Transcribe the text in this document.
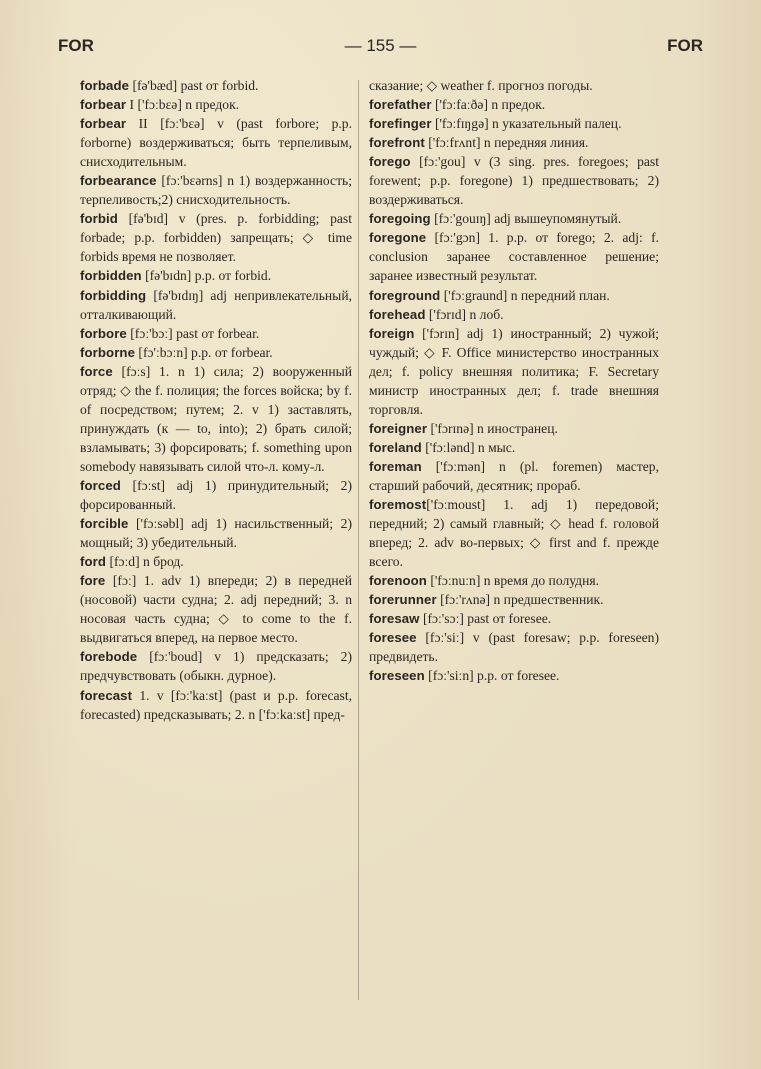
FOR	— 155 —	FOR

forbade [fə'bæd] past от forbid.

forbear I ['fɔːbɛə] n предок.

forbear II [fɔː'bɛə] v (past forbore; p.p. forborne) воздерживаться; быть терпеливым, снисходительным.

forbearance [fɔː'bɛərns] n 1) воздержанность; терпеливость;2) снисходительность.

forbid [fə'bɪd] v (pres. p. forbidding; past forbade; p.p. forbidden) запрещать; ◇ time forbids время не позволяет.

forbidden [fə'bɪdn] p.p. от forbid.

forbidding [fə'bɪdɪŋ] adj непривлекательный, отталкивающий.

forbore [fɔː'bɔː] past от forbear.

forborne [fɔ'ːbɔːn] p.p. от forbear.

force [fɔːs] 1. n 1) сила; 2) вооруженный отряд; ◇ the f. полиция; the forces войска; by f. of посредством; путем; 2. v 1) заставлять, принуждать (к — to, into); 2) брать силой; взламывать; 3) форсировать; f. something upon somebody навязывать силой что-л. кому-л.

forced [fɔːst] adj 1) принудительный; 2) форсированный.

forcible ['fɔːsəbl] adj 1) насильственный; 2) мощный; 3) убедительный.

ford [fɔːd] n брод.

fore [fɔː] 1. adv 1) впереди; 2) в передней (носовой) части судна; 2. adj передний; 3. n носовая часть судна; ◇ to come to the f. выдвигаться вперед, на первое место.

forebode [fɔː'boud] v 1) предсказать; 2) предчувствовать (обыкн. дурное).

forecast 1. v [fɔː'kaːst] (past и p.p. forecast, forecasted) предсказывать; 2. n ['fɔːkaːst] пред-

сказание; ◇ weather f. прогноз погоды.

forefather ['fɔːfaːðə] n предок.

forefinger ['fɔːfɪŋgə] n указательный палец.

forefront ['fɔːfrʌnt] n передняя линия.

forego [fɔː'gou] v (3 sing. pres. foregoes; past forewent; p.p. foregone) 1) предшествовать; 2) воздерживаться.

foregoing [fɔː'gouɪŋ] adj вышеупомянутый.

foregone [fɔː'gɔn] 1. p.p. от forego; 2. adj: f. conclusion заранее составленное решение; заранее известный результат.

foreground ['fɔːgraund] n передний план.

forehead ['fɔrɪd] n лоб.

foreign ['fɔrɪn] adj 1) иностранный; 2) чужой; чуждый; ◇ F. Office министерство иностранных дел; f. policy внешняя политика; F. Secretary министр иностранных дел; f. trade внешняя торговля.

foreigner ['fɔrɪnə] n иностранец.

foreland ['fɔːlənd] n мыс.

foreman ['fɔːmən] n (pl. foremen) мастер, старший рабочий, десятник; прораб.

foremost['fɔːmoust] 1. adj 1) передовой; передний; 2) самый главный; ◇ head f. головой вперед; 2. adv во-первых; ◇ first and f. прежде всего.

forenoon ['fɔːnuːn] n время до полудня.

forerunner [fɔː'rʌnə] n предшественник.

foresaw [fɔː'sɔː] past от foresee.

foresee [fɔː'siː] v (past foresaw; p.p. foreseen) предвидеть.

foreseen [fɔː'siːn] p.p. от foresee.
